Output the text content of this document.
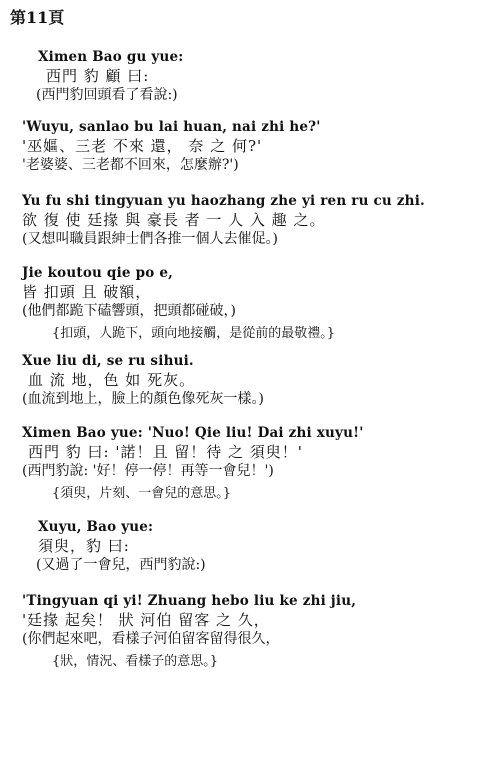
第11頁
Ximen Bao gu yue:
西門 豹 顧 曰:
(西門豹回頭看了看說:)
'Wuyu, sanlao bu lai huan, nai zhi he?'
'巫嫗、三老 不來 還， 奈 之 何?'
'老婆婆、三老都不回來，怎麼辦?')
Yu fu shi tingyuan yu haozhang zhe yi ren ru cu zhi.
欲 復 使 廷掾 與 豪長 者 一 人 入 趣 之。
(又想叫職員跟紳士們各推一個人去催促。)
Jie koutou qie po e,
皆 扣頭 且 破額，
(他們都跪下磕響頭，把頭都碰破，)
{扣頭，人跪下，頭向地接觸，是從前的最敬禮。}
Xue liu di, se ru sihui.
血 流 地，色 如 死灰。
(血流到地上，臉上的顏色像死灰一樣。)
Ximen Bao yue: 'Nuo! Qie liu! Dai zhi xuyu!'
西門 豹 曰: '諾！且 留！待 之 須臾！'
(西門豹說: '好！停一停！再等一會兒！')
{須臾，片刻、一會兒的意思。}
Xuyu, Bao yue:
須臾，豹 曰:
(又過了一會兒，西門豹說:)
'Tingyuan qi yi! Zhuang hebo liu ke zhi jiu,
'廷掾 起矣！ 狀 河伯 留客 之 久，
(你們起來吧，看樣子河伯留客留得很久，
{狀，情況、看樣子的意思。}
